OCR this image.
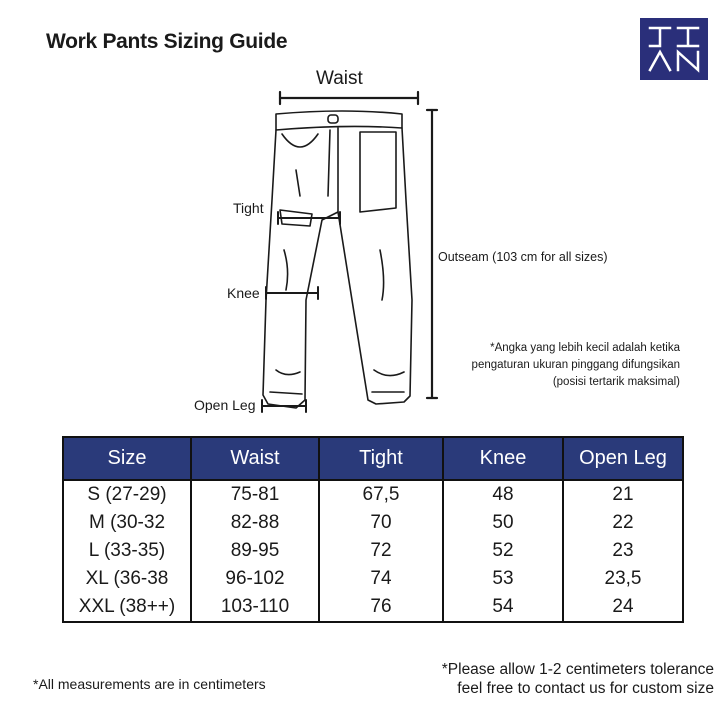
Work Pants Sizing Guide
Waist
Tight
Knee
Open Leg
Outseam (103 cm for all sizes)
*Angka yang lebih kecil adalah ketika pengaturan ukuran pinggang difungsikan (posisi tertarik maksimal)
Size	Waist	Tight	Knee	Open Leg
S (27-29)	75-81	67,5	48	21
M (30-32	82-88	70	50	22
L (33-35)	89-95	72	52	23
XL (36-38	96-102	74	53	23,5
XXL (38++)	103-110	76	54	24
*All measurements are in centimeters
*Please allow 1-2 centimeters tolerance
feel free to contact us for custom size
